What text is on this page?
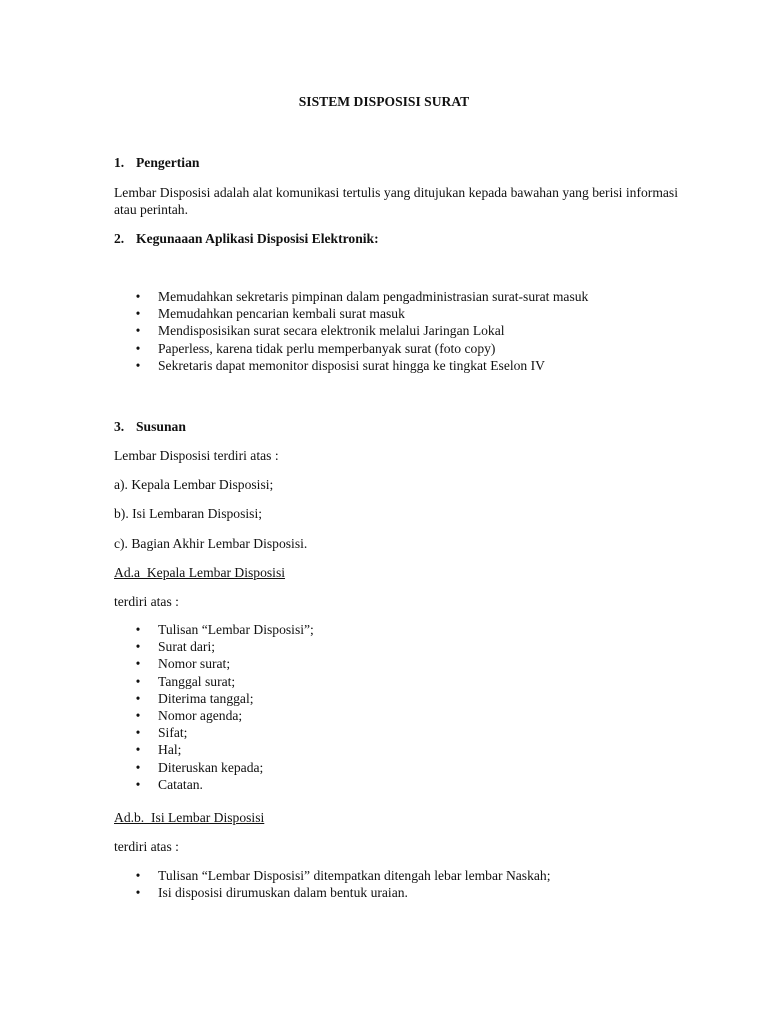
SISTEM DISPOSISI SURAT

1. Pengertian

Lembar Disposisi adalah alat komunikasi tertulis yang ditujukan kepada bawahan yang berisi informasi atau perintah.

2. Kegunaaan Aplikasi Disposisi Elektronik:

• Memudahkan sekretaris pimpinan dalam pengadministrasian surat-surat masuk
• Memudahkan pencarian kembali surat masuk
• Mendisposisikan surat secara elektronik melalui Jaringan Lokal
• Paperless, karena tidak perlu memperbanyak surat (foto copy)
• Sekretaris dapat memonitor disposisi surat hingga ke tingkat Eselon IV

3. Susunan

Lembar Disposisi terdiri atas :

a). Kepala Lembar Disposisi;

b). Isi Lembaran Disposisi;

c). Bagian Akhir Lembar Disposisi.

Ad.a  Kepala Lembar Disposisi

terdiri atas :

• Tulisan “Lembar Disposisi”;
• Surat dari;
• Nomor surat;
• Tanggal surat;
• Diterima tanggal;
• Nomor agenda;
• Sifat;
• Hal;
• Diteruskan kepada;
• Catatan.

Ad.b.  Isi Lembar Disposisi

terdiri atas :

• Tulisan “Lembar Disposisi” ditempatkan ditengah lebar lembar Naskah;
• Isi disposisi dirumuskan dalam bentuk uraian.
